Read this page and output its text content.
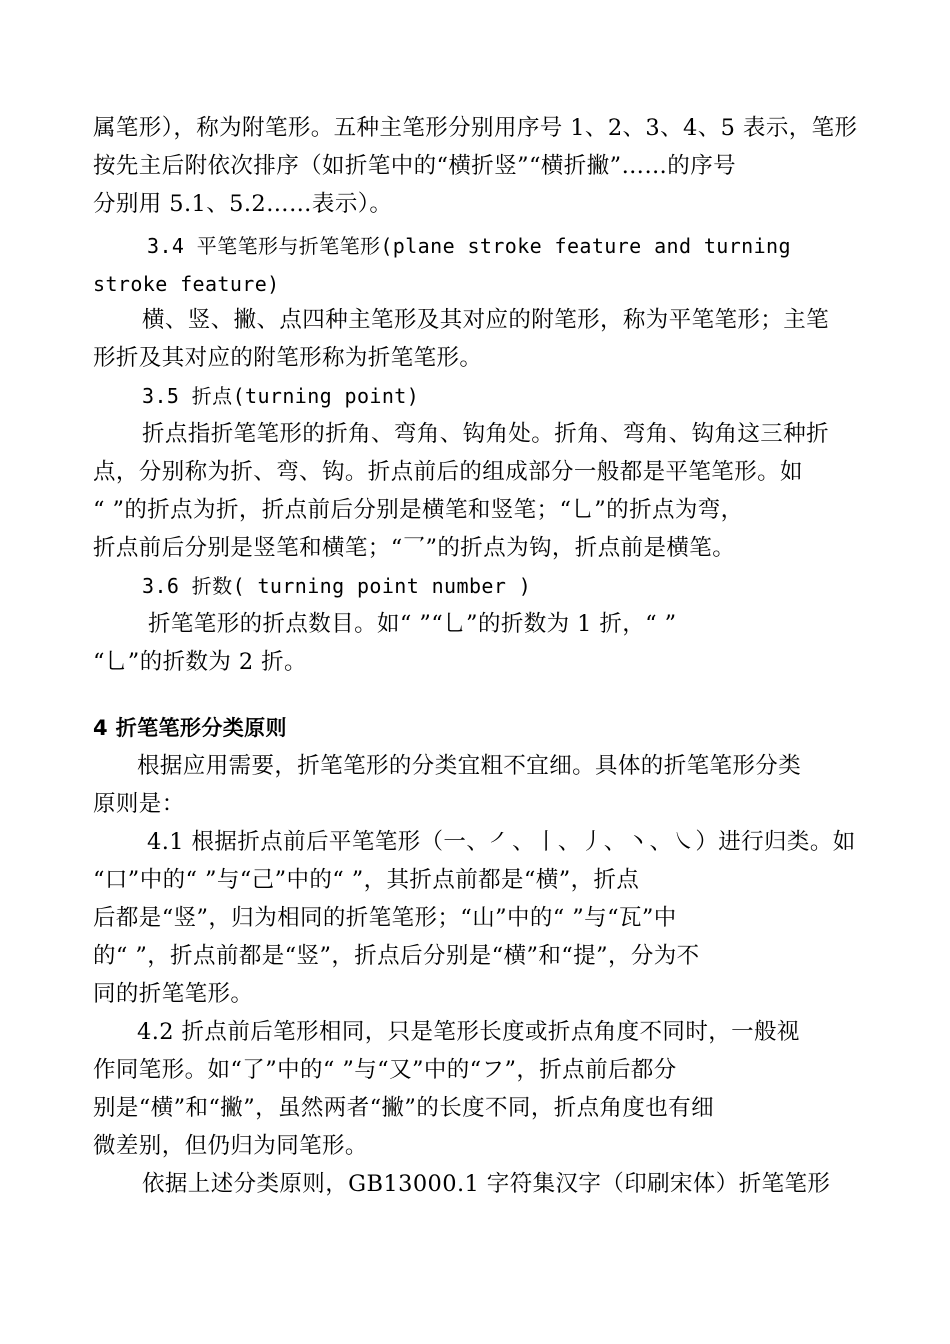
属笔形），称为附笔形。五种主笔形分别用序号 1、2、3、4、5 表示，笔形
按先主后附依次排序（如折笔中的“横折竖”“横折撇”……的序号
分别用 5.1、5.2……表示）。
3.4 平笔笔形与折笔笔形(plane stroke feature and turning
stroke feature)
横、竖、撇、点四种主笔形及其对应的附笔形，称为平笔笔形；主笔
形折及其对应的附笔形称为折笔笔形。
3.5 折点(turning point)
折点指折笔笔形的折角、弯角、钩角处。折角、弯角、钩角这三种折
点，分别称为折、弯、钩。折点前后的组成部分一般都是平笔笔形。如
“ ”的折点为折，折点前后分别是横笔和竖笔；“乚”的折点为弯，
折点前后分别是竖笔和横笔；“乛”的折点为钩，折点前是横笔。
3.6 折数( turning point number )
折笔笔形的折点数目。如“ ”“乚”的折数为 1 折，“ ”
“乚”的折数为 2 折。
4 折笔笔形分类原则
根据应用需要，折笔笔形的分类宜粗不宜细。具体的折笔笔形分类
原则是：
4.1 根据折点前后平笔笔形（一、㇒、丨、丿、丶、㇏）进行归类。如
“口”中的“ ”与“己”中的“ ”，其折点前都是“横”，折点
后都是“竖”，归为相同的折笔笔形；“山”中的“ ”与“瓦”中
的“ ”，折点前都是“竖”，折点后分别是“横”和“提”，分为不
同的折笔笔形。
4.2 折点前后笔形相同，只是笔形长度或折点角度不同时，一般视
作同笔形。如“了”中的“ ”与“又”中的“フ”，折点前后都分
别是“横”和“撇”，虽然两者“撇”的长度不同，折点角度也有细
微差别，但仍归为同笔形。
依据上述分类原则，GB13000.1 字符集汉字（印刷宋体）折笔笔形
